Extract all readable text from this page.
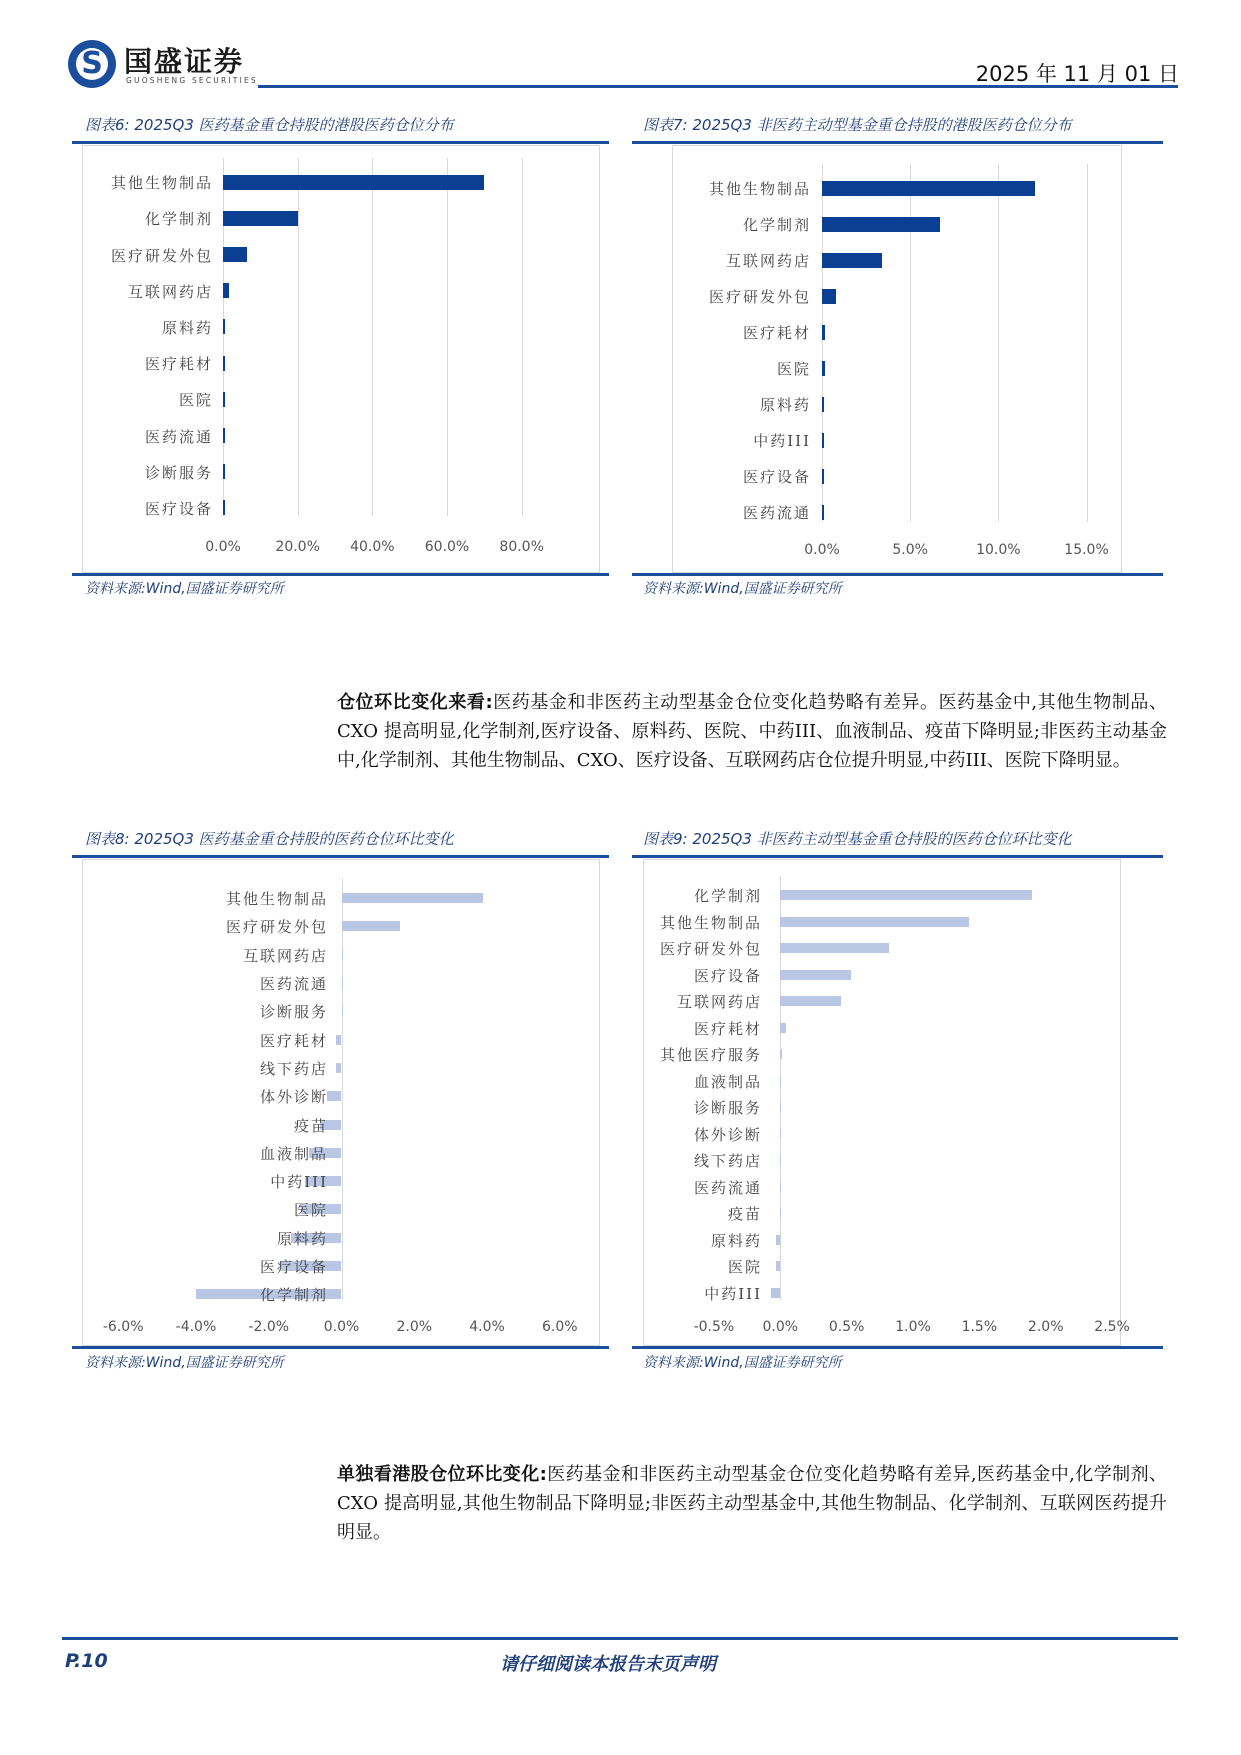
S
国盛证券
GUOSHENG SECURITIES	2025 年 11 月 01 日
图表6: 2025Q3 医药基金重仓持股的港股医药仓位分布
0.0% 20.0% 40.0% 60.0% 80.0%
其他生物制品
化学制剂
医疗研发外包
互联网药店
原料药
医疗耗材
医院
医药流通
诊断服务
医疗设备
资料来源:Wind,国盛证券研究所
图表7: 2025Q3 非医药主动型基金重仓持股的港股医药仓位分布
0.0%	5.0%	10.0%	15.0%
其他生物制品
化学制剂
互联网药店
医疗研发外包
医疗耗材
医院
原料药
中药III
医疗设备
医药流通
资料来源:Wind,国盛证券研究所
仓位环比变化来看:医药基金和非医药主动型基金仓位变化趋势略有差异。医药基金中,其他生物制品、CXO 提高明显,化学制剂,医疗设备、原料药、医院、中药III、血液制品、疫苗下降明显;非医药主动基金中,化学制剂、其他生物制品、CXO、医疗设备、互联网药店仓位提升明显,中药III、医院下降明显。
图表8: 2025Q3 医药基金重仓持股的医药仓位环比变化
-6.0% -4.0% -2.0% 0.0%	2.0%	4.0%	6.0%
其他生物制品
医疗研发外包
互联网药店
医药流通
诊断服务
医疗耗材
线下药店
体外诊断
疫苗
血液制品
中药III
医院
原料药
医疗设备
化学制剂
资料来源:Wind,国盛证券研究所
图表9: 2025Q3 非医药主动型基金重仓持股的医药仓位环比变化
-0.5% 0.0% 0.5% 1.0% 1.5% 2.0% 2.5%
化学制剂
其他生物制品
医疗研发外包
医疗设备
互联网药店
医疗耗材
其他医疗服务
血液制品
诊断服务
体外诊断
线下药店
医药流通
疫苗
原料药
医院
中药III
资料来源:Wind,国盛证券研究所
单独看港股仓位环比变化:医药基金和非医药主动型基金仓位变化趋势略有差异,医药基金中,化学制剂、CXO 提高明显,其他生物制品下降明显;非医药主动型基金中,其他生物制品、化学制剂、互联网医药提升明显。
P.10	请仔细阅读本报告末页声明
